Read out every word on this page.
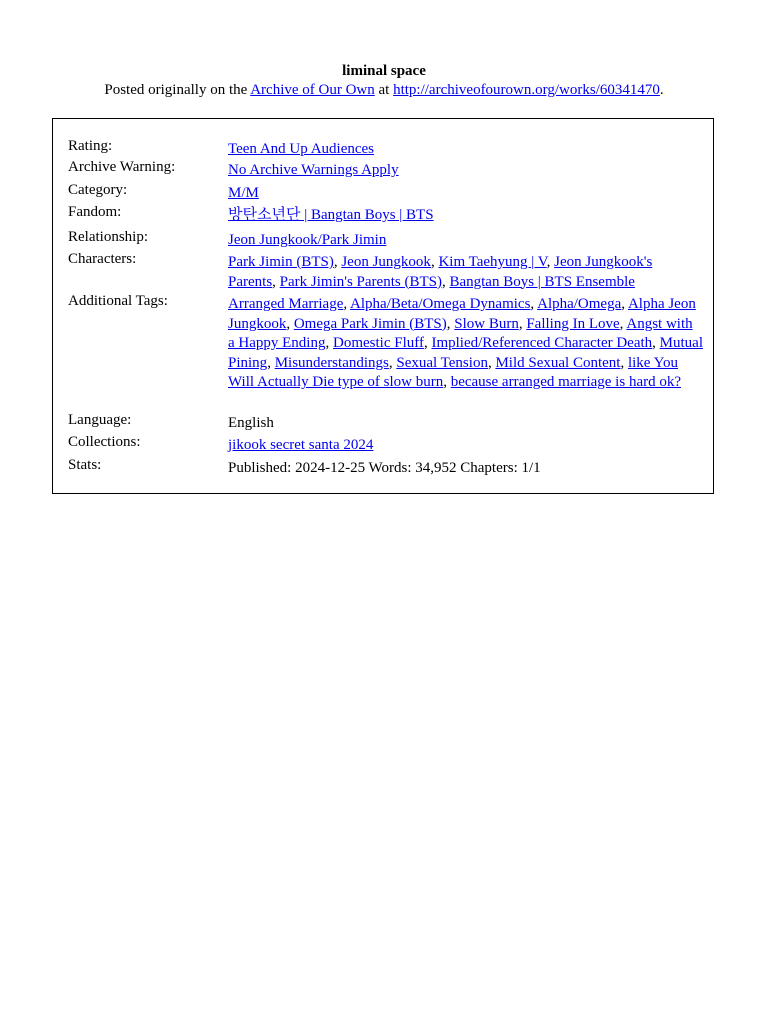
liminal space
Posted originally on the Archive of Our Own at http://archiveofourown.org/works/60341470.
Rating:	Teen And Up Audiences
Archive Warning:	No Archive Warnings Apply
Category:	M/M
Fandom:	방탄소년단 | Bangtan Boys | BTS
Relationship:	Jeon Jungkook/Park Jimin
Characters:	Park Jimin (BTS), Jeon Jungkook, Kim Taehyung | V, Jeon Jungkook's Parents, Park Jimin's Parents (BTS), Bangtan Boys | BTS Ensemble
Additional Tags:	Arranged Marriage, Alpha/Beta/Omega Dynamics, Alpha/Omega, Alpha Jeon Jungkook, Omega Park Jimin (BTS), Slow Burn, Falling In Love, Angst with a Happy Ending, Domestic Fluff, Implied/Referenced Character Death, Mutual Pining, Misunderstandings, Sexual Tension, Mild Sexual Content, like You Will Actually Die type of slow burn, because arranged marriage is hard ok?
Language:	English
Collections:	jikook secret santa 2024
Stats:	Published: 2024-12-25 Words: 34,952 Chapters: 1/1
